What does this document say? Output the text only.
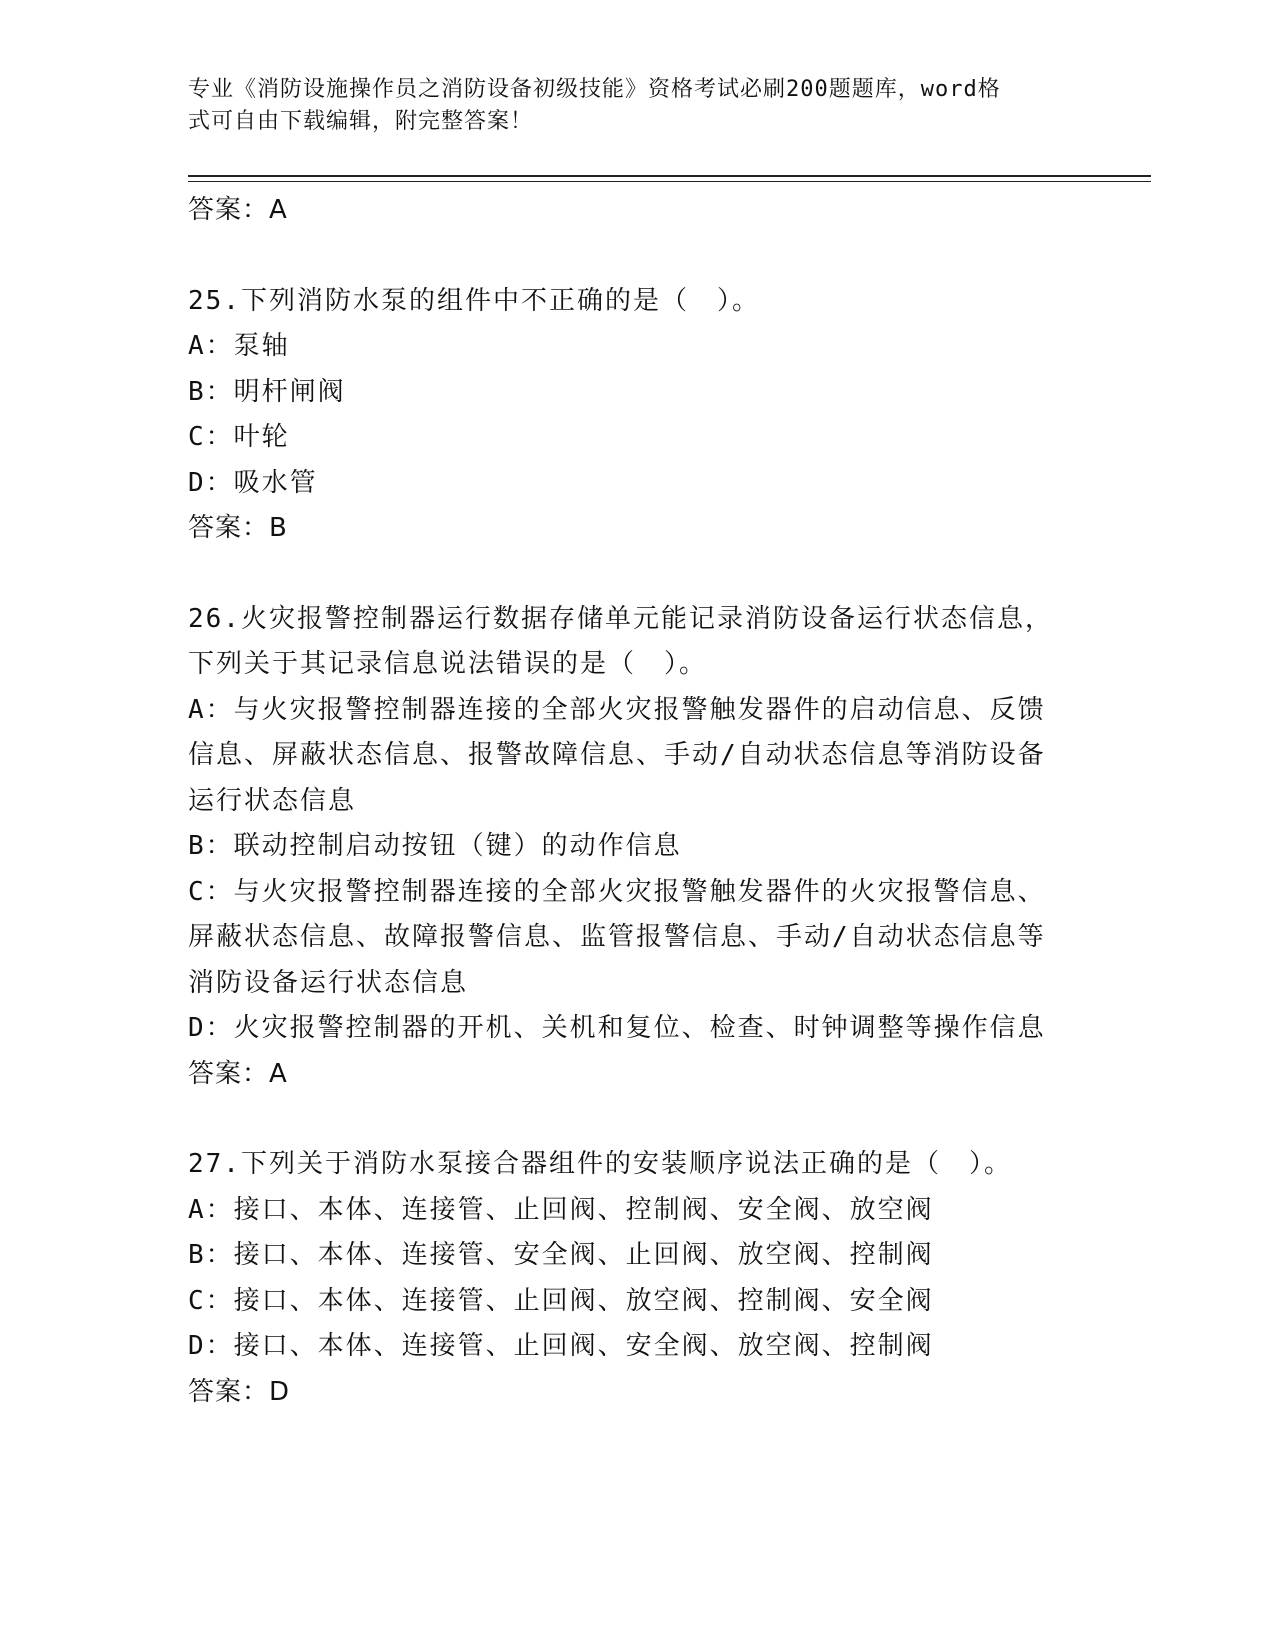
专业《消防设施操作员之消防设备初级技能》资格考试必刷200题题库，word格
式可自由下载编辑，附完整答案！
答案：A
25.下列消防水泵的组件中不正确的是（　）。
A：泵轴
B：明杆闸阀
C：叶轮
D：吸水管
答案：B
26.火灾报警控制器运行数据存储单元能记录消防设备运行状态信息，
下列关于其记录信息说法错误的是（　）。
A：与火灾报警控制器连接的全部火灾报警触发器件的启动信息、反馈
信息、屏蔽状态信息、报警故障信息、手动/自动状态信息等消防设备
运行状态信息
B：联动控制启动按钮（键）的动作信息
C：与火灾报警控制器连接的全部火灾报警触发器件的火灾报警信息、
屏蔽状态信息、故障报警信息、监管报警信息、手动/自动状态信息等
消防设备运行状态信息
D：火灾报警控制器的开机、关机和复位、检查、时钟调整等操作信息
答案：A
27.下列关于消防水泵接合器组件的安装顺序说法正确的是（　）。
A：接口、本体、连接管、止回阀、控制阀、安全阀、放空阀
B：接口、本体、连接管、安全阀、止回阀、放空阀、控制阀
C：接口、本体、连接管、止回阀、放空阀、控制阀、安全阀
D：接口、本体、连接管、止回阀、安全阀、放空阀、控制阀
答案：D
